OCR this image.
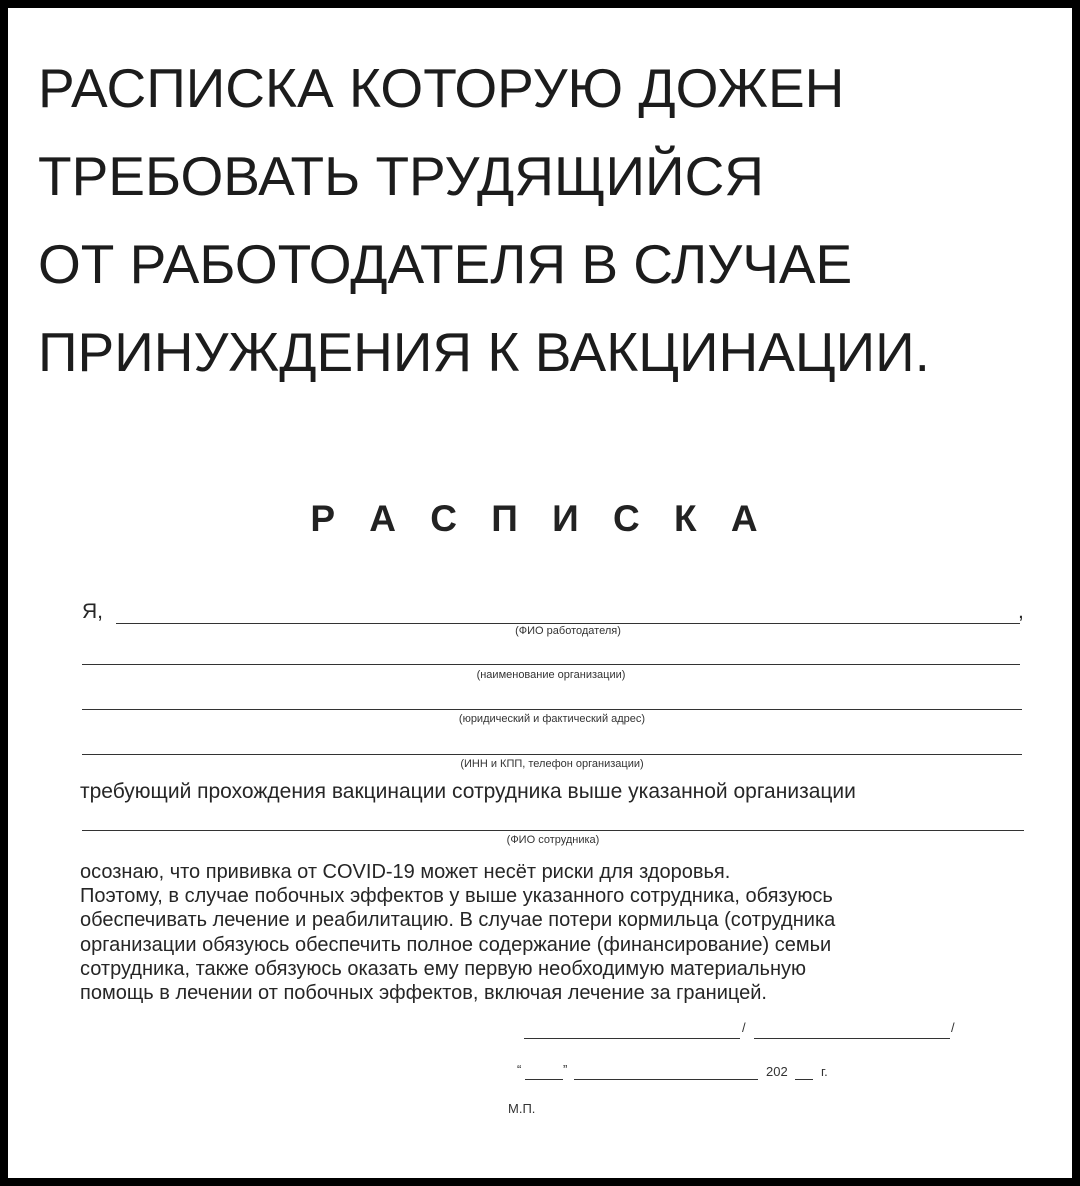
РАСПИСКА КОТОРУЮ ДОЖЕН
ТРЕБОВАТЬ ТРУДЯЩИЙСЯ
ОТ РАБОТОДАТЕЛЯ В СЛУЧАЕ
ПРИНУЖДЕНИЯ К ВАКЦИНАЦИИ.
Р А С П И С К А
Я,	,
(ФИО работодателя)
(наименование организации)
(юридический и фактический адрес)
(ИНН и КПП, телефон организации)
требующий прохождения вакцинации сотрудника выше указанной организации
(ФИО сотрудника)
осознаю, что прививка от COVID-19 может несёт риски для здоровья.
Поэтому, в случае побочных эффектов у выше указанного сотрудника, обязуюсь
обеспечивать лечение и реабилитацию. В случае потери кормильца (сотрудника
организации обязуюсь обеспечить полное содержание (финансирование) семьи
сотрудника, также обязуюсь оказать ему первую необходимую материальную
помощь в лечении от побочных эффектов, включая лечение за границей.
/	/
“	”	202	г.
М.П.
